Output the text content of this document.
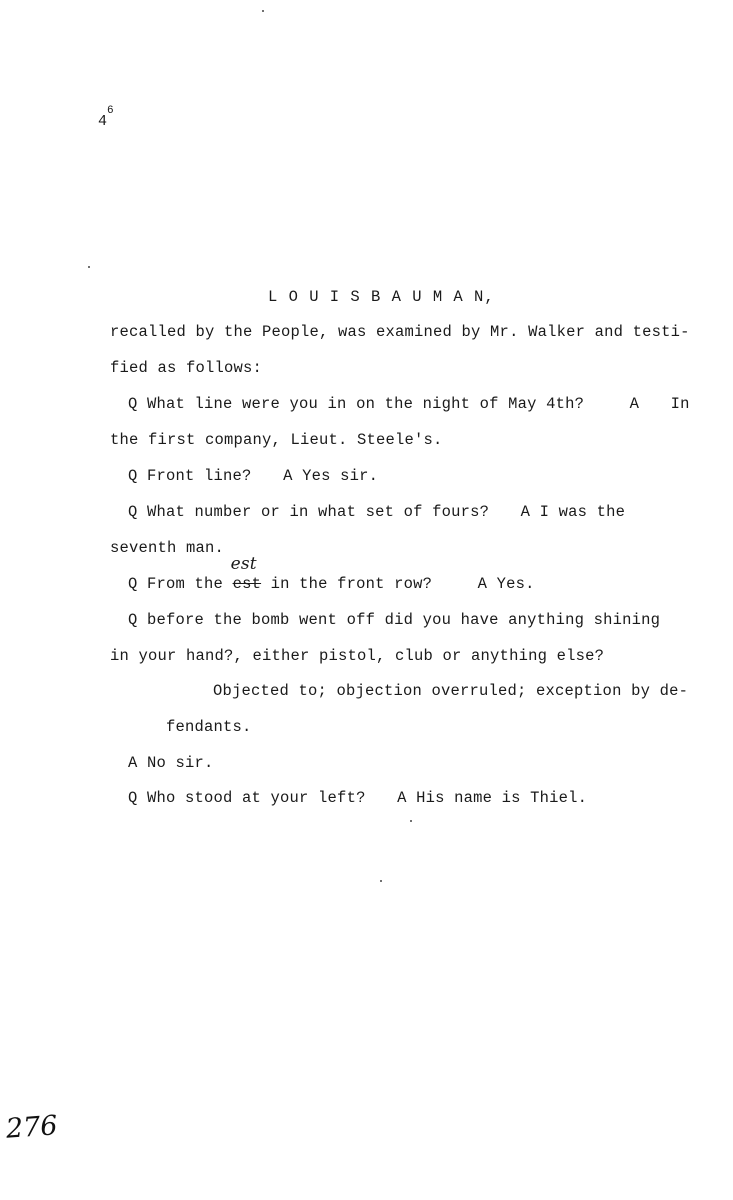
$4^6$
L O U I S B A U M A N,
recalled by the People, was examined by Mr. Walker and testi-
fied as follows:
Q What line were you in on the night of May 4th?	A In
the first company, Lieut. Steele's.
Q Front line? A Yes sir.
Q What number or in what set of fours? A I was the
seventh man.
Q From the est
est
in the front row?	A Yes.
Q before the bomb went off did you have anything shining
in your hand?, either pistol, club or anything else?
Objected to; objection overruled; exception by de-
fendants.
A No sir.
Q Who stood at your left? A His name is Thiel.
276
